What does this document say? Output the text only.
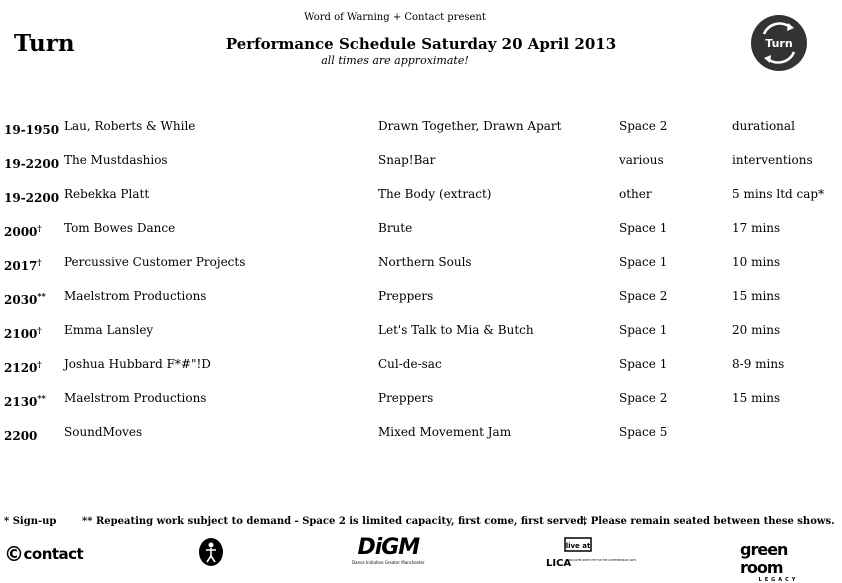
Word of Warning + Contact present
Turn	Performance Schedule Saturday 20 April 2013
all times are approximate!
Turn
19-1950 Lau, Roberts & While	Drawn Together, Drawn Apart	Space 2	durational
19-2200 The Mustdashios	Snap!Bar	various	interventions
19-2200 Rebekka Platt	The Body (extract)	other	5 mins ltd cap*
2000† Tom Bowes Dance	Brute	Space 1	17 mins
2017† Percussive Customer Projects	Northern Souls	Space 1	10 mins
2030** Maelstrom Productions	Preppers	Space 2	15 mins
2100† Emma Lansley	Let's Talk to Mia & Butch	Space 1	20 mins
2120† Joshua Hubbard F*#"!D	Cul-de-sac	Space 1	8-9 mins
2130** Maelstrom Productions	Preppers	Space 2	15 mins
2200 SoundMoves	Mixed Movement Jam	Space 5
* Sign-up	** Repeating work subject to demand - Space 2 is limited capacity, first come, first served.
† Please remain seated between these shows.
©contact	DiGM
Dance Initiative Greater Manchester
live at
LICA
LANCASTER INSTITUTE FOR THE CONTEMPORARY ARTS
green room
LEGACY
